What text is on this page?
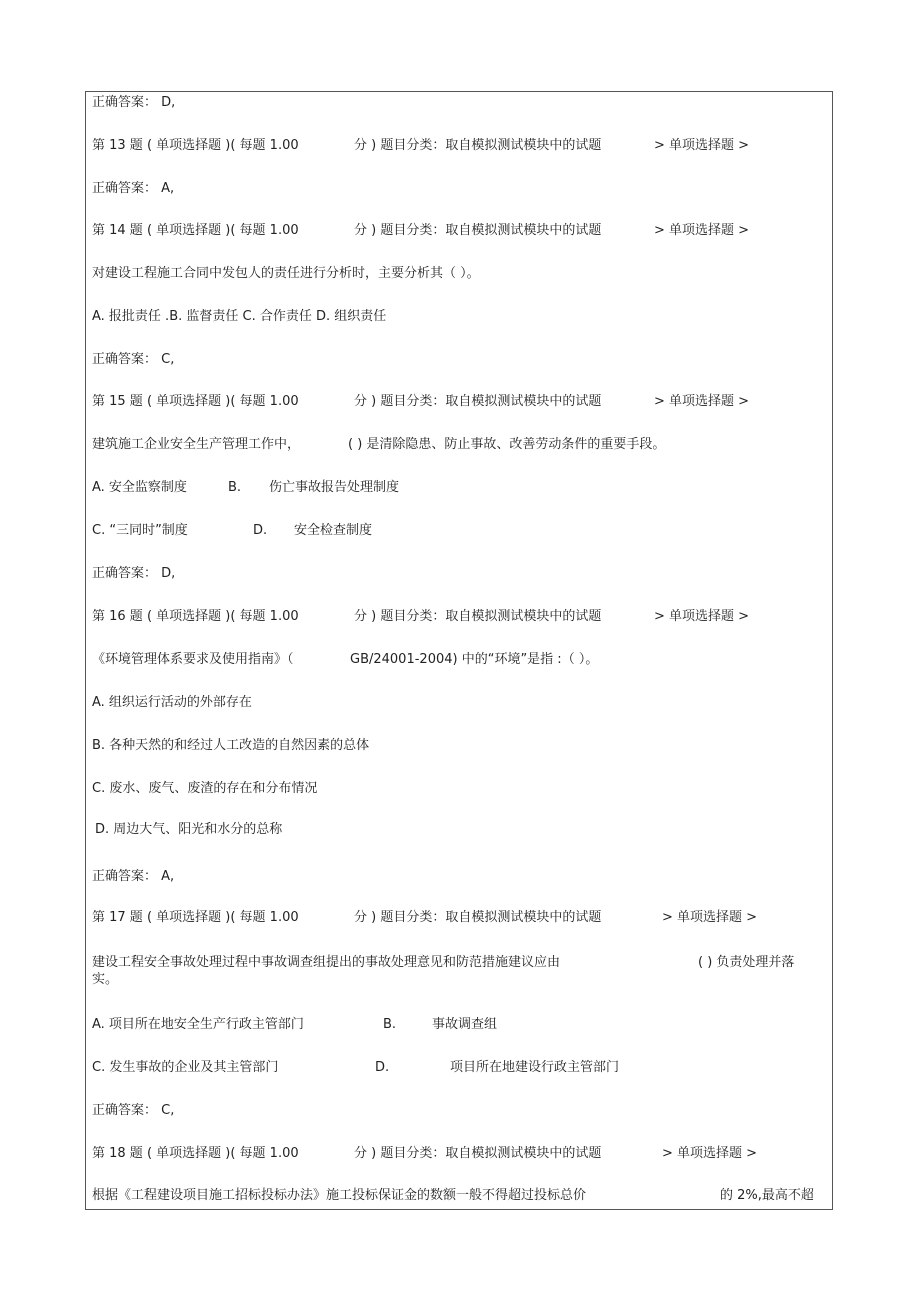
正确答案： D,
第 13 题 ( 单项选择题 )( 每题 1.00	分 ) 题目分类：取自模拟测试模块中的试题	> 单项选择题 >
正确答案： A,
第 14 题 ( 单项选择题 )( 每题 1.00	分 ) 题目分类：取自模拟测试模块中的试题	> 单项选择题 >
对建设工程施工合同中发包人的责任进行分析时，主要分析其（ ）。
A. 报批责任 .B. 监督责任 C. 合作责任 D. 组织责任
正确答案： C,
第 15 题 ( 单项选择题 )( 每题 1.00	分 ) 题目分类：取自模拟测试模块中的试题	> 单项选择题 >
建筑施工企业安全生产管理工作中，	( ) 是清除隐患、防止事故、改善劳动条件的重要手段。
A. 安全监察制度	B. 伤亡事故报告处理制度
C. “三同时”制度	D. 安全检查制度
正确答案： D,
第 16 题 ( 单项选择题 )( 每题 1.00	分 ) 题目分类：取自模拟测试模块中的试题	> 单项选择题 >
《环境管理体系要求及使用指南》（	GB/24001-2004) 中的“环境”是指 :（ ）。
A. 组织运行活动的外部存在
B. 各种天然的和经过人工改造的自然因素的总体
C. 废水、废气、废渣的存在和分布情况
D. 周边大气、阳光和水分的总称
正确答案： A,
第 17 题 ( 单项选择题 )( 每题 1.00	分 ) 题目分类：取自模拟测试模块中的试题	> 单项选择题 >
建设工程安全事故处理过程中事故调查组提出的事故处理意见和防范措施建议应由	( ) 负责处理并落
实。
A. 项目所在地安全生产行政主管部门	B.	事故调查组
C. 发生事故的企业及其主管部门	D.	项目所在地建设行政主管部门
正确答案： C,
第 18 题 ( 单项选择题 )( 每题 1.00	分 ) 题目分类：取自模拟测试模块中的试题	> 单项选择题 >
根据《工程建设项目施工招标投标办法》施工投标保证金的数额一般不得超过投标总价	的 2%,最高不超
